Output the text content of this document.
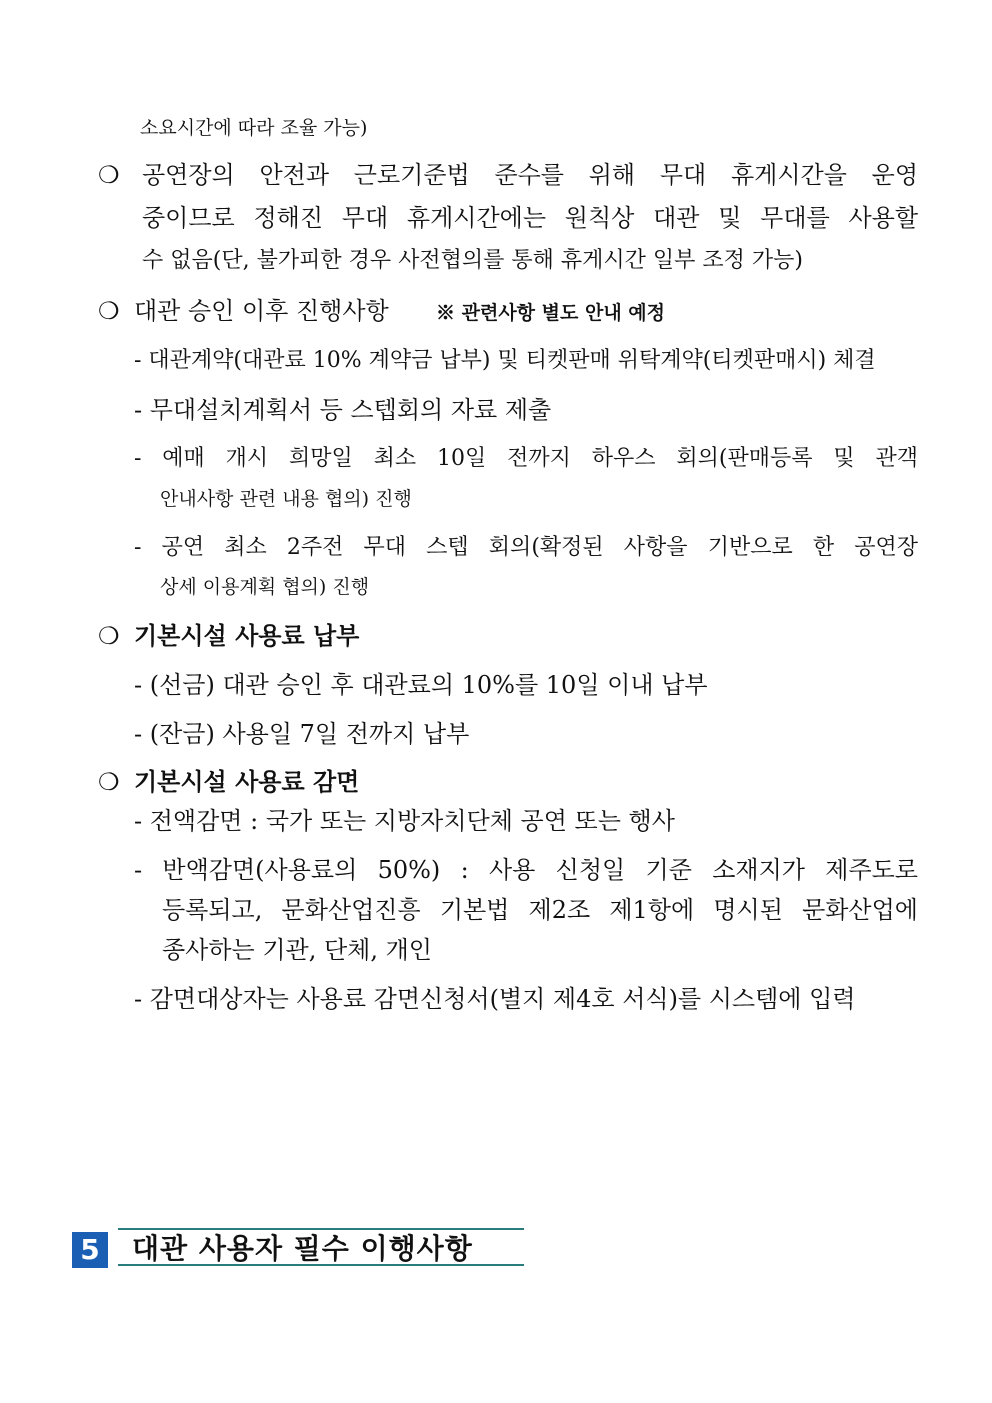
소요시간에 따라 조율 가능)
❍ 공연장의 안전과 근로기준법 준수를 위해 무대 휴게시간을 운영
중이므로 정해진 무대 휴게시간에는 원칙상 대관 및 무대를 사용할
수 없음(단, 불가피한 경우 사전협의를 통해 휴게시간 일부 조정 가능)
❍ 대관 승인 이후 진행사항 ※ 관련사항 별도 안내 예정
- 대관계약(대관료 10% 계약금 납부) 및 티켓판매 위탁계약(티켓판매시) 체결
- 무대설치계획서 등 스텝회의 자료 제출
- 예매 개시 희망일 최소 10일 전까지 하우스 회의(판매등록 및 관객
안내사항 관련 내용 협의) 진행
- 공연 최소 2주전 무대 스텝 회의(확정된 사항을 기반으로 한 공연장
상세 이용계획 협의) 진행
❍ 기본시설 사용료 납부
- (선금) 대관 승인 후 대관료의 10%를 10일 이내 납부
- (잔금) 사용일 7일 전까지 납부
❍ 기본시설 사용료 감면
- 전액감면 : 국가 또는 지방자치단체 공연 또는 행사
- 반액감면(사용료의 50%) : 사용 신청일 기준 소재지가 제주도로
등록되고, 문화산업진흥 기본법 제2조 제1항에 명시된 문화산업에
종사하는 기관, 단체, 개인
- 감면대상자는 사용료 감면신청서(별지 제4호 서식)를 시스템에 입력
5	대관 사용자 필수 이행사항
